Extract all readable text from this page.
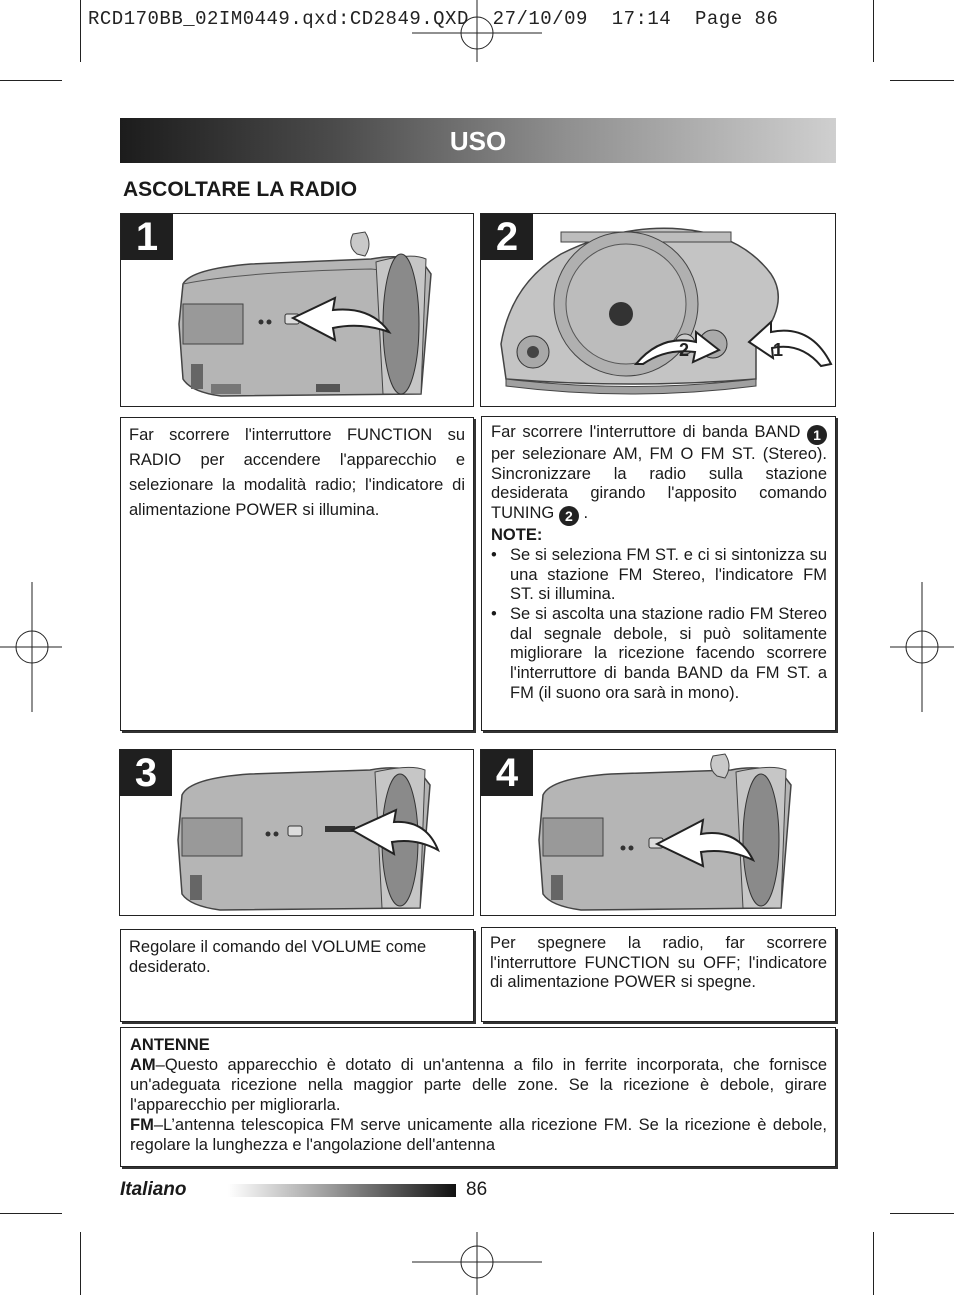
RCD170BB_02IM0449.qxd:CD2849.QXD 27/10/09 17:14 Page 86
USO
ASCOLTARE LA RADIO
1	2
2	1
Far scorrere l'interruttore FUNCTION su RADIO per accendere l'apparecchio e selezionare la modalità radio; l'indicatore di alimentazione POWER si illumina.
Far scorrere l'interruttore di banda BAND 1 per selezionare AM, FM O FM ST. (Stereo). Sincronizzare la radio sulla stazione desiderata girando l'apposito comando TUNING 2 .
NOTE:
• Se si seleziona FM ST. e ci si sintonizza su una stazione FM Stereo, l'indicatore FM ST. si illumina.
• Se si ascolta una stazione radio FM Stereo dal segnale debole, si può solitamente migliorare la ricezione facendo scorrere l'interruttore di banda BAND da FM ST. a FM (il suono ora sarà in mono).
3	4
Regolare il comando del VOLUME come desiderato.
Per spegnere la radio, far scorrere l'interruttore FUNCTION su OFF; l'indicatore di alimentazione POWER si spegne.
ANTENNE
AM–Questo apparecchio è dotato di un'antenna a filo in ferrite incorporata, che fornisce un'adeguata ricezione nella maggior parte delle zone. Se la ricezione è debole, girare l'apparecchio per migliorarla.
FM–L’antenna telescopica FM serve unicamente alla ricezione FM. Se la ricezione è debole, regolare la lunghezza e l'angolazione dell'antenna
Italiano	86
